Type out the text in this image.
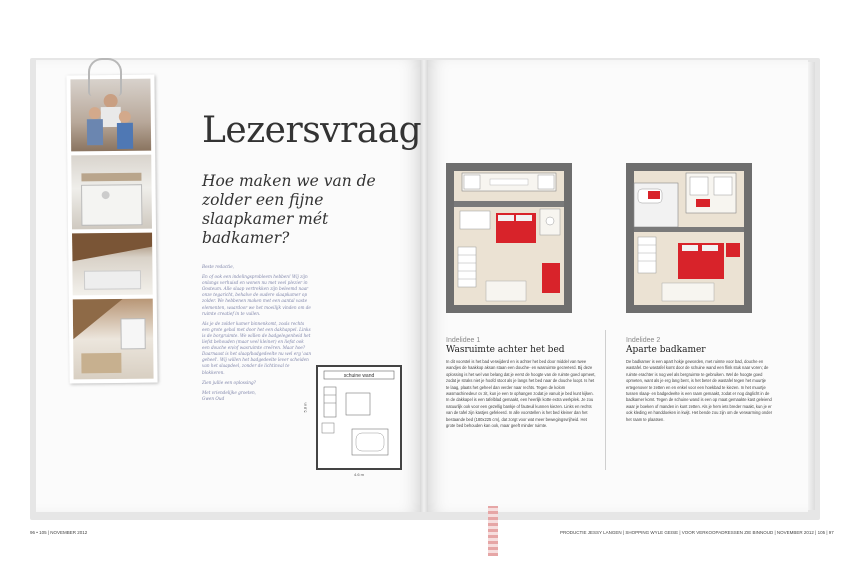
Lezersvraag
Hoe maken we van de zolder een fijne slaapkamer mét badkamer?

Beste redactie,

En of ook een indelingsprobleem hebben! Wij zijn onlangs verhuisd en wonen nu met veel plezier in Oosteum. Alle slaap vertrekken zijn beleemd naar onze tegaricht, behalve de oudere slaapkamer op zolder. We hebbenen maken met een aantal vaste elementen, waardoor we het moeilijk vinden om de ruimte creatief in te vullen.

Als je de zolder kamer binnenkomt, zoals rechts een grote gebal met door het een dakhappel. Links is de borgruimte. We willen de badgelegenheid het liefst behouden (maar veel kleiner) en liefst ook een douche en/of wasruimte creëren. Maar hoe? Daarnaast is het slaap/badgedeelte nu wel erg 'aan geheel'. Wij willen het badgedeelte lever scheiden van het slaapdeel, zonder de lichtinval te blokkeren.

Zien jullie een oplossing?

Met vriendelijke groeten,

Gwen Oud

schuine wand
4.6 m
5.8 m

Indelidee 1

Wasruimte achter het bed

In dit voorstel is het bad verwijderd en is achter het bed door middel van twee wandjes de haakkop aksan staan een douche- en wasruimte gecreëerd. Bij deze oplossing is het wel van belang dat je eerst de hoogte van de ruimte goed opmeet, zodat je straks niet je hoofd stoot als je langs het bed naar de douche loopt. Is het te laag, plaats het geheel dan verder naar rechts. Tegen de kolom wasmachinedeur cv zit, kun je een tv ophangen zodat je vanuit je bed kunt kijken. In de dakkapel is een tafelblad gemaakt, een heerlijk kotte extra werkplek. Je zou natuurlijk ook voor een gezellig bankje of fauteuil kunnen kiezen. Links en rechts van de tafel zijn kastjes gefeleerd. In alle voorstellen is het bed kleiner dan het bestaande bed (180x225 cm), dat zorgt voor wat meer bewegingsvrijheid. Het grote bed behouden kan ook, maar geeft minder ruimte.

Indelidee 2

Aparte badkamer

De badkamer is een apart hokje geworden, met ruimte voor bad, douche en wastafel. De wastafel komt door de schuine wand een flink stuk naar voren; de ruimte erachter is nog wel als bergruimte te gebruiken. Wel de hoogte goed opmeten, want als je erg lang bent, is het beter de wastafel tegen het muurtje ertegenover te zetten en en enkel voor een hoekbad te kiezen. In het muurtje tussen slaap- en badgedeelte is een raam gemaakt, zodat er nog daglicht in de badkamer komt. Tegen de schuine wand is een op maat gemaakte kast geleiend waar je boeken of manden in kunt zetten. Als je hem iets breder maakt, kun je er ook kleding en handdoeken in kwijt. Het bende zou zijn om de verwarming onder het raam te plaatsen.

96 • 105 | NOVEMBER 2012	PRODUCTIE JESSY LANGEN | SHOPPING WYLE GEISE | VOOR VERKOOPADRESSEN ZIE BINNOUD | NOVEMBER 2012 | 105 | 97
